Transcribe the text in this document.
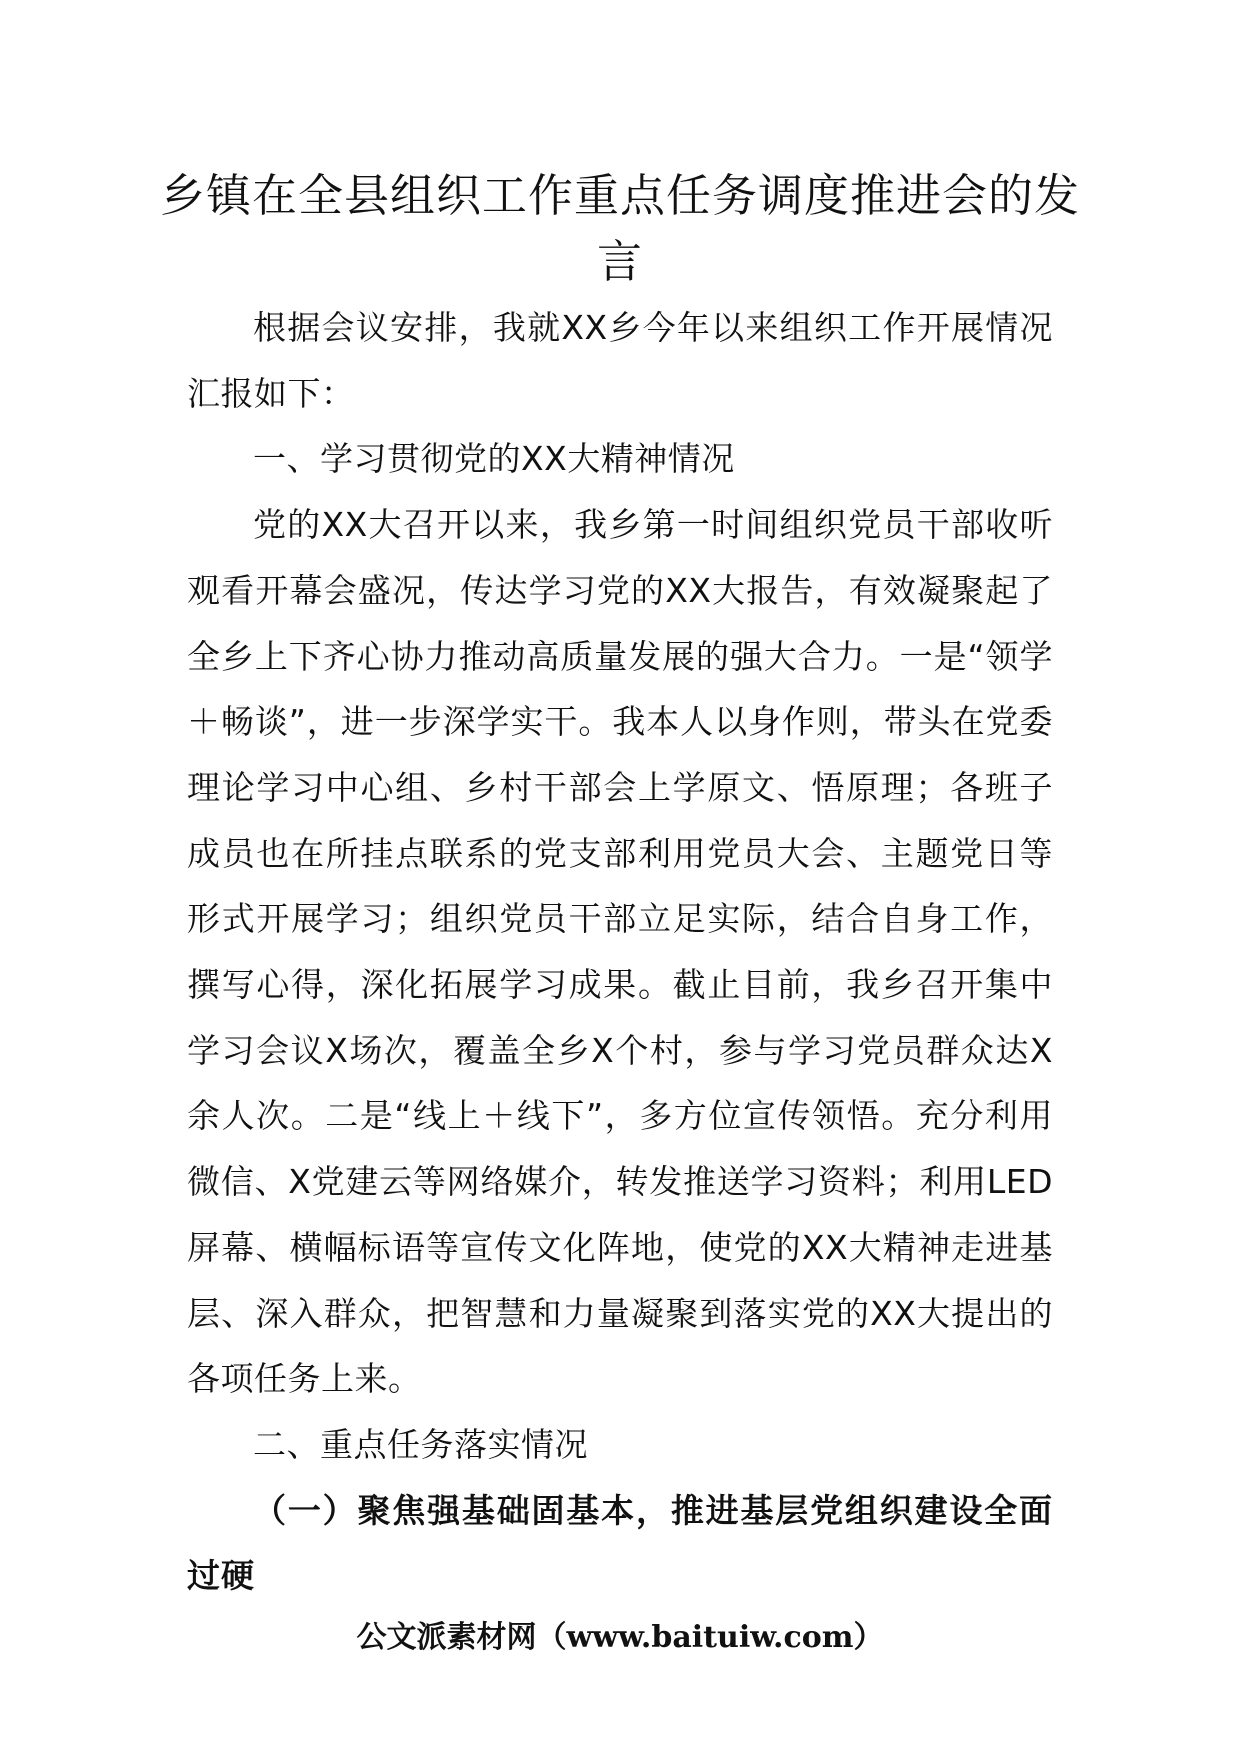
乡镇在全县组织工作重点任务调度推进会的发言

根据会议安排，我就XX乡今年以来组织工作开展情况汇报如下：

一、学习贯彻党的XX大精神情况

党的XX大召开以来，我乡第一时间组织党员干部收听观看开幕会盛况，传达学习党的XX大报告，有效凝聚起了全乡上下齐心协力推动高质量发展的强大合力。一是“领学＋畅谈”，进一步深学实干。我本人以身作则，带头在党委理论学习中心组、乡村干部会上学原文、悟原理；各班子成员也在所挂点联系的党支部利用党员大会、主题党日等形式开展学习；组织党员干部立足实际，结合自身工作，撰写心得，深化拓展学习成果。截止目前，我乡召开集中学习会议X场次，覆盖全乡X个村，参与学习党员群众达X余人次。二是“线上＋线下”，多方位宣传领悟。充分利用微信、X党建云等网络媒介，转发推送学习资料；利用LED屏幕、横幅标语等宣传文化阵地，使党的XX大精神走进基层、深入群众，把智慧和力量凝聚到落实党的XX大提出的各项任务上来。

二、重点任务落实情况

（一）聚焦强基础固基本，推进基层党组织建设全面过硬

公文派素材网（www.baituiw.com）
